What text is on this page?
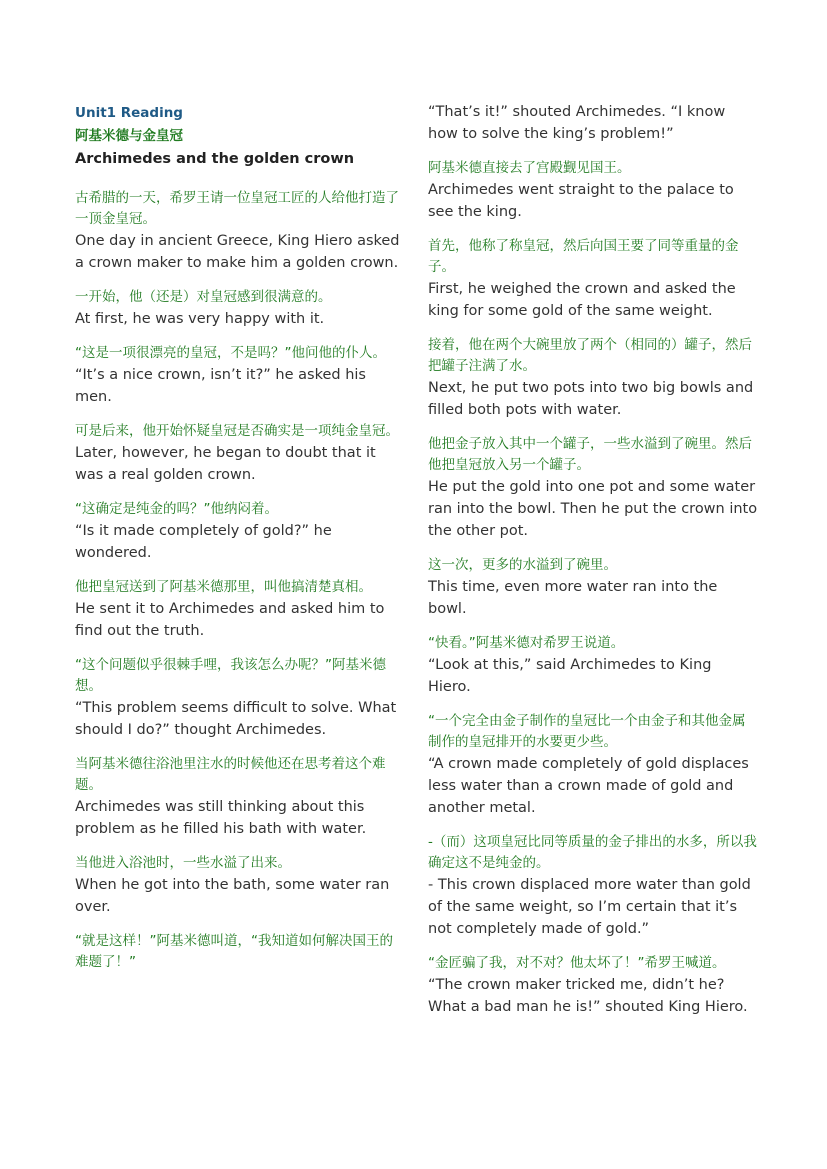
Unit1 Reading

阿基米德与金皇冠

Archimedes and the golden crown

古希腊的一天，希罗王请一位皇冠工匠的人给他打造了一顶金皇冠。

One day in ancient Greece, King Hiero asked a crown maker to make him a golden crown.

一开始，他（还是）对皇冠感到很满意的。

At first, he was very happy with it.

“这是一项很漂亮的皇冠，不是吗？”他问他的仆人。

“It’s a nice crown, isn’t it?” he asked his men.

可是后来，他开始怀疑皇冠是否确实是一项纯金皇冠。

Later, however, he began to doubt that it was a real golden crown.

“这确定是纯金的吗？”他纳闷着。

“Is it made completely of gold?” he wondered.

他把皇冠送到了阿基米德那里，叫他搞清楚真相。

He sent it to Archimedes and asked him to find out the truth.

“这个问题似乎很棘手哩，我该怎么办呢？”阿基米德想。

“This problem seems difficult to solve. What should I do?” thought Archimedes.

当阿基米德往浴池里注水的时候他还在思考着这个难题。

Archimedes was still thinking about this problem as he filled his bath with water.

当他进入浴池时，一些水溢了出来。

When he got into the bath, some water ran over.

“就是这样！”阿基米德叫道，“我知道如何解决国王的难题了！”

“That’s it!” shouted Archimedes. “I know how to solve the king’s problem!”

阿基米德直接去了宫殿觐见国王。

Archimedes went straight to the palace to see the king.

首先，他称了称皇冠，然后向国王要了同等重量的金子。

First, he weighed the crown and asked the king for some gold of the same weight.

接着，他在两个大碗里放了两个（相同的）罐子，然后把罐子注满了水。

Next, he put two pots into two big bowls and filled both pots with water.

他把金子放入其中一个罐子，一些水溢到了碗里。然后他把皇冠放入另一个罐子。

He put the gold into one pot and some water ran into the bowl. Then he put the crown into the other pot.

这一次，更多的水溢到了碗里。

This time, even more water ran into the bowl.

“快看。”阿基米德对希罗王说道。

“Look at this,” said Archimedes to King Hiero.

“一个完全由金子制作的皇冠比一个由金子和其他金属制作的皇冠排开的水要更少些。

“A crown made completely of gold displaces less water than a crown made of gold and another metal.

-（而）这项皇冠比同等质量的金子排出的水多，所以我确定这不是纯金的。

- This crown displaced more water than gold of the same weight, so I’m certain that it’s not completely made of gold.”

“金匠骗了我，对不对？他太坏了！”希罗王喊道。

“The crown maker tricked me, didn’t he? What a bad man he is!” shouted King Hiero.
